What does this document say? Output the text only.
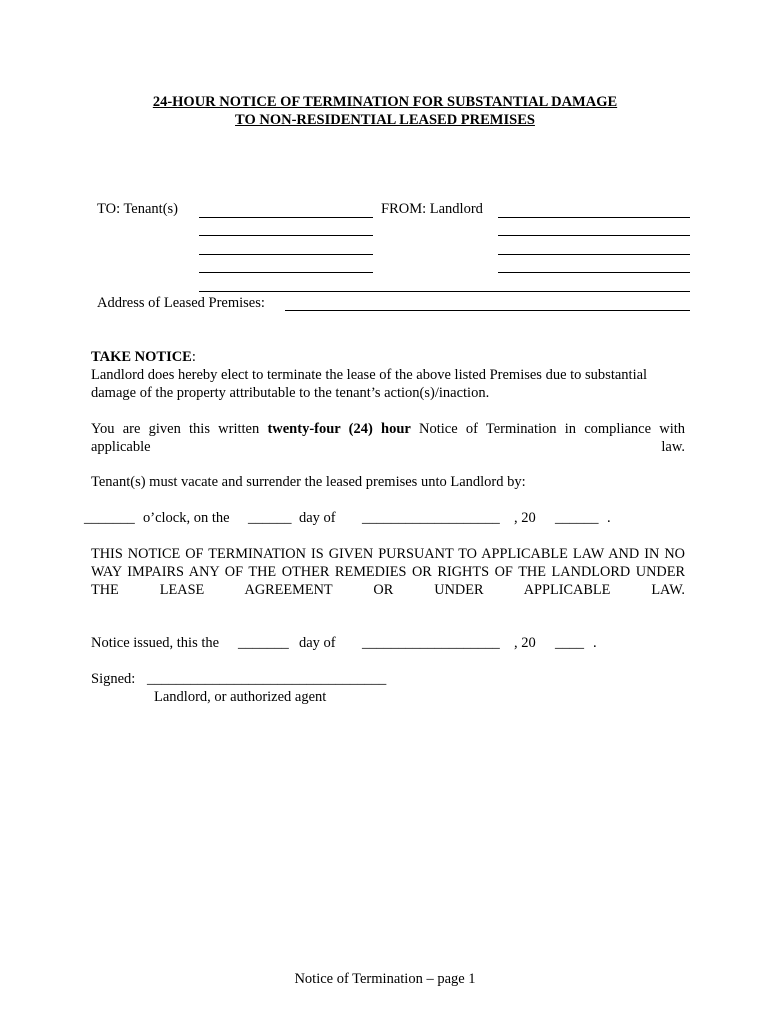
24-HOUR NOTICE OF TERMINATION FOR SUBSTANTIAL DAMAGE
TO NON-RESIDENTIAL LEASED PREMISES
TO: Tenant(s)	FROM: Landlord
Address of Leased Premises:
TAKE NOTICE:
Landlord does hereby elect to terminate the lease of the above listed Premises due to substantial damage of the property attributable to the tenant’s action(s)/inaction.
You are given this written twenty-four (24) hour Notice of Termination in compliance with applicable law.
Tenant(s) must vacate and surrender the leased premises unto Landlord by:
_______ o’clock, on the ______ day of ___________________ , 20 ______ .
THIS NOTICE OF TERMINATION IS GIVEN PURSUANT TO APPLICABLE LAW AND IN NO WAY IMPAIRS ANY OF THE OTHER REMEDIES OR RIGHTS OF THE LANDLORD UNDER THE LEASE AGREEMENT OR UNDER APPLICABLE LAW.
Notice issued, this the _______ day of ___________________ , 20 ____ .
Signed: _________________________________
Landlord, or authorized agent
Notice of Termination – page 1
